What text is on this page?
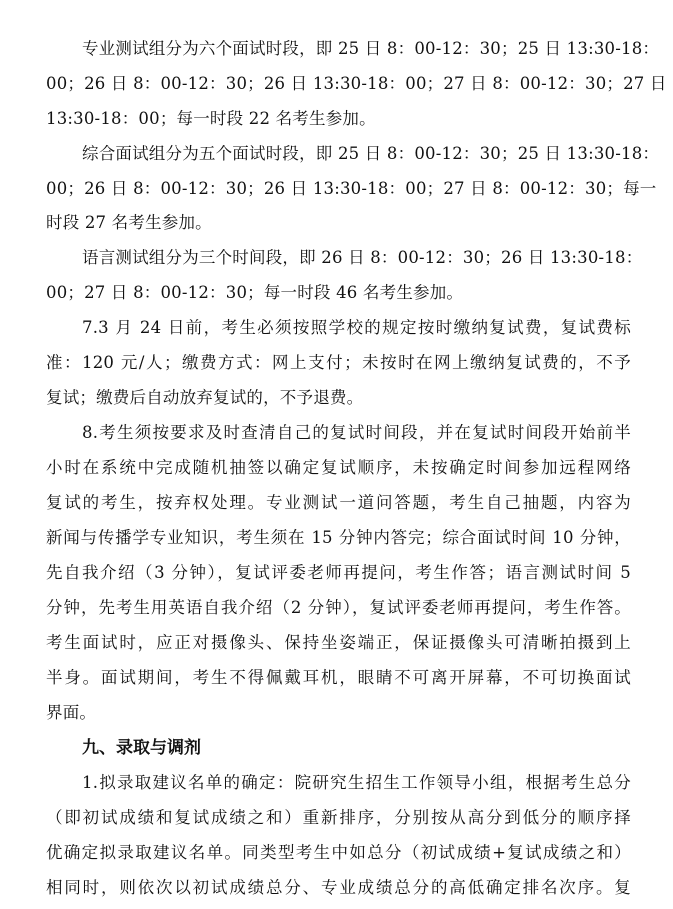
专业测试组分为六个面试时段，即 25 日 8：00-12：30；25 日 13:30-18：
00；26 日 8：00-12：30；26 日 13:30-18：00；27 日 8：00-12：30；27 日
13:30-18：00；每一时段 22 名考生参加。
综合面试组分为五个面试时段，即 25 日 8：00-12：30；25 日 13:30-18：
00；26 日 8：00-12：30；26 日 13:30-18：00；27 日 8：00-12：30；每一
时段 27 名考生参加。
语言测试组分为三个时间段，即 26 日 8：00-12：30；26 日 13:30-18：
00；27 日 8：00-12：30；每一时段 46 名考生参加。
7.3 月 24 日前，考生必须按照学校的规定按时缴纳复试费，复试费标
准：120 元/人；缴费方式：网上支付；未按时在网上缴纳复试费的，不予
复试；缴费后自动放弃复试的，不予退费。
8.考生须按要求及时查清自己的复试时间段，并在复试时间段开始前半
小时在系统中完成随机抽签以确定复试顺序，未按确定时间参加远程网络
复试的考生，按弃权处理。专业测试一道问答题，考生自己抽题，内容为
新闻与传播学专业知识，考生须在 15 分钟内答完；综合面试时间 10 分钟，
先自我介绍（3 分钟），复试评委老师再提问，考生作答；语言测试时间 5
分钟，先考生用英语自我介绍（2 分钟），复试评委老师再提问，考生作答。
考生面试时，应正对摄像头、保持坐姿端正，保证摄像头可清晰拍摄到上
半身。面试期间，考生不得佩戴耳机，眼睛不可离开屏幕，不可切换面试
界面。
九、录取与调剂
1.拟录取建议名单的确定：院研究生招生工作领导小组，根据考生总分
（即初试成绩和复试成绩之和）重新排序，分别按从高分到低分的顺序择
优确定拟录取建议名单。同类型考生中如总分（初试成绩+复试成绩之和）
相同时，则依次以初试成绩总分、专业成绩总分的高低确定排名次序。复
